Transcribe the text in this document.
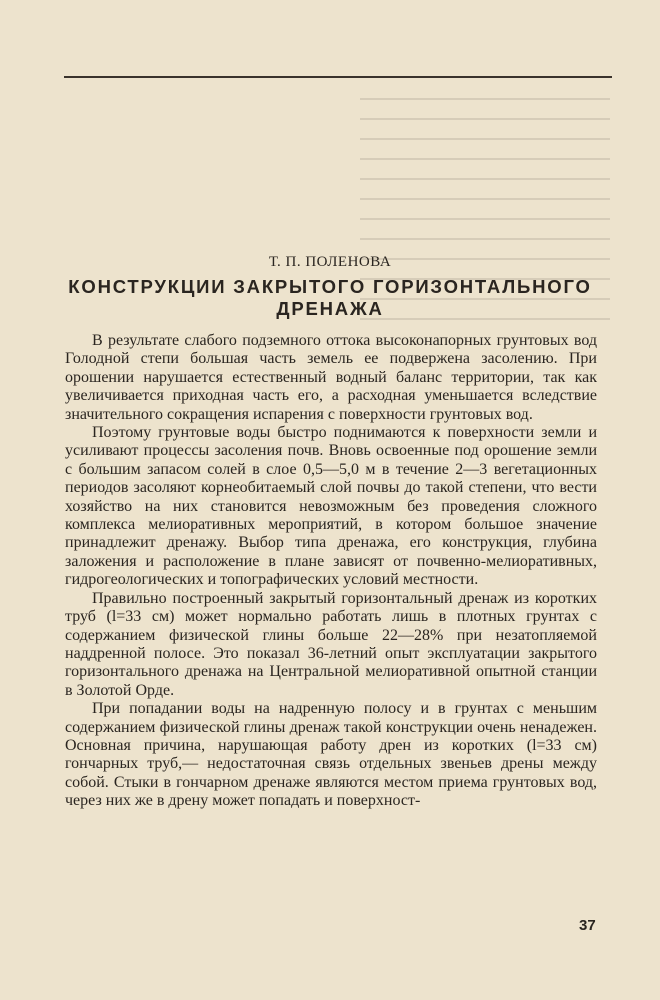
Т. П. ПОЛЕНОВА
КОНСТРУКЦИИ ЗАКРЫТОГО ГОРИЗОНТАЛЬНОГО
ДРЕНАЖА

В результате слабого подземного оттока высоконапорных грунтовых вод Голодной степи большая часть земель ее подвержена засолению. При орошении нарушается естественный водный баланс территории, так как увеличивается приходная часть его, а расходная уменьшается вследствие значительного сокращения испарения с поверхности грунтовых вод.

Поэтому грунтовые воды быстро поднимаются к поверхности земли и усиливают процессы засоления почв. Вновь освоенные под орошение земли с большим запасом солей в слое 0,5—5,0 м в течение 2—3 вегетационных периодов засоляют корнеобитаемый слой почвы до такой степени, что вести хозяйство на них становится невозможным без проведения сложного комплекса мелиоративных мероприятий, в котором большое значение принадлежит дренажу. Выбор типа дренажа, его конструкция, глубина заложения и расположение в плане зависят от почвенно-мелиоративных, гидрогеологических и топографических условий местности.

Правильно построенный закрытый горизонтальный дренаж из коротких труб (l=33 см) может нормально работать лишь в плотных грунтах с содержанием физической глины больше 22—28% при незатопляемой наддренной полосе. Это показал 36-летний опыт эксплуатации закрытого горизонтального дренажа на Центральной мелиоративной опытной станции в Золотой Орде.

При попадании воды на надренную полосу и в грунтах с меньшим содержанием физической глины дренаж такой конструкции очень ненадежен. Основная причина, нарушающая работу дрен из коротких (l=33 см) гончарных труб,— недостаточная связь отдельных звеньев дрены между собой. Стыки в гончарном дренаже являются местом приема грунтовых вод, через них же в дрену может попадать и поверхност-

37
